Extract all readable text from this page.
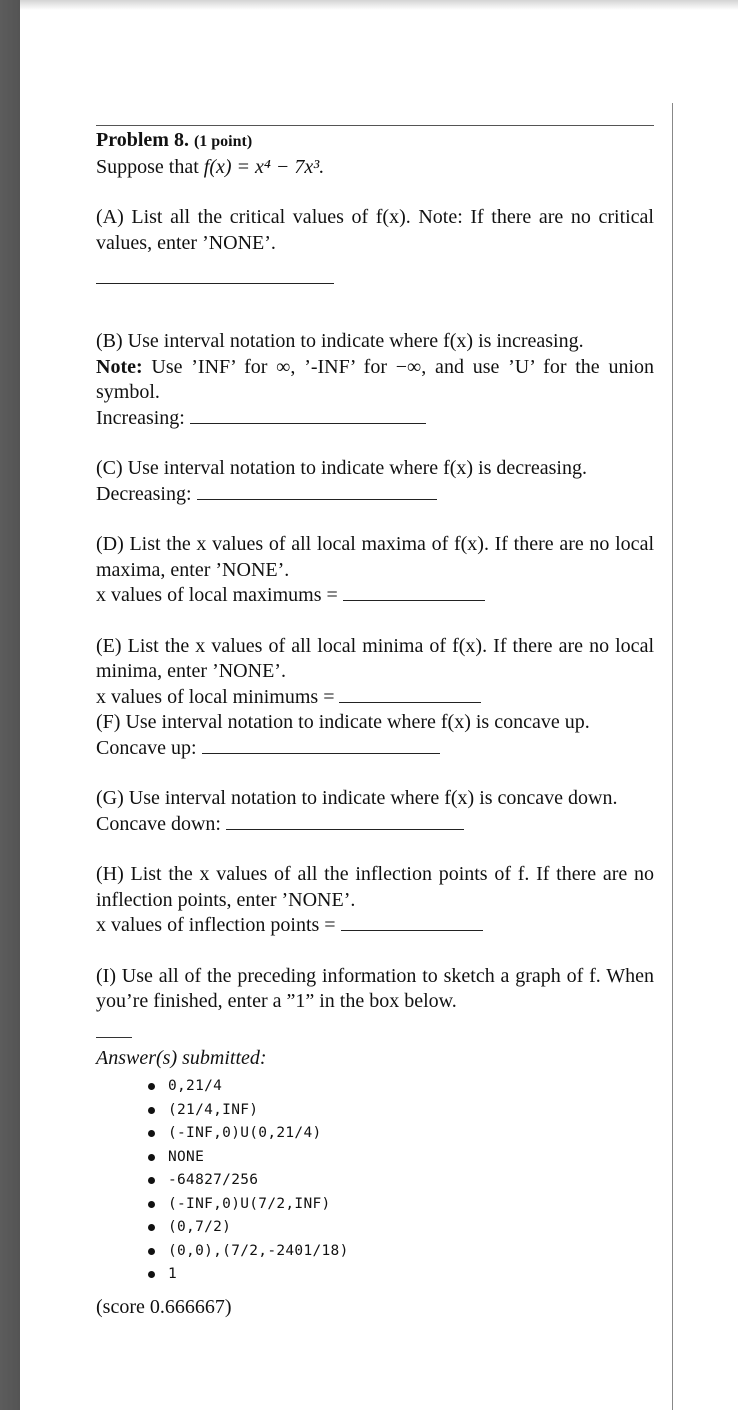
Problem 8. (1 point)

Suppose that f(x) = x⁴ − 7x³.

(A) List all the critical values of f(x). Note: If there are no critical values, enter ’NONE’.

(B) Use interval notation to indicate where f(x) is increasing.

Note: Use ’INF’ for ∞, ’-INF’ for −∞, and use ’U’ for the union symbol.

Increasing:

(C) Use interval notation to indicate where f(x) is decreasing.

Decreasing:

(D) List the x values of all local maxima of f(x). If there are no local maxima, enter ’NONE’.

x values of local maximums =

(E) List the x values of all local minima of f(x). If there are no local minima, enter ’NONE’.

x values of local minimums =

(F) Use interval notation to indicate where f(x) is concave up.

Concave up:

(G) Use interval notation to indicate where f(x) is concave down.

Concave down:

(H) List the x values of all the inflection points of f. If there are no inflection points, enter ’NONE’.

x values of inflection points =

(I) Use all of the preceding information to sketch a graph of f. When you’re finished, enter a ”1” in the box below.

Answer(s) submitted:

0,21/4
(21/4,INF)
(-INF,0)U(0,21/4)
NONE
-64827/256
(-INF,0)U(7/2,INF)
(0,7/2)
(0,0),(7/2,-2401/18)
1

(score 0.666667)
